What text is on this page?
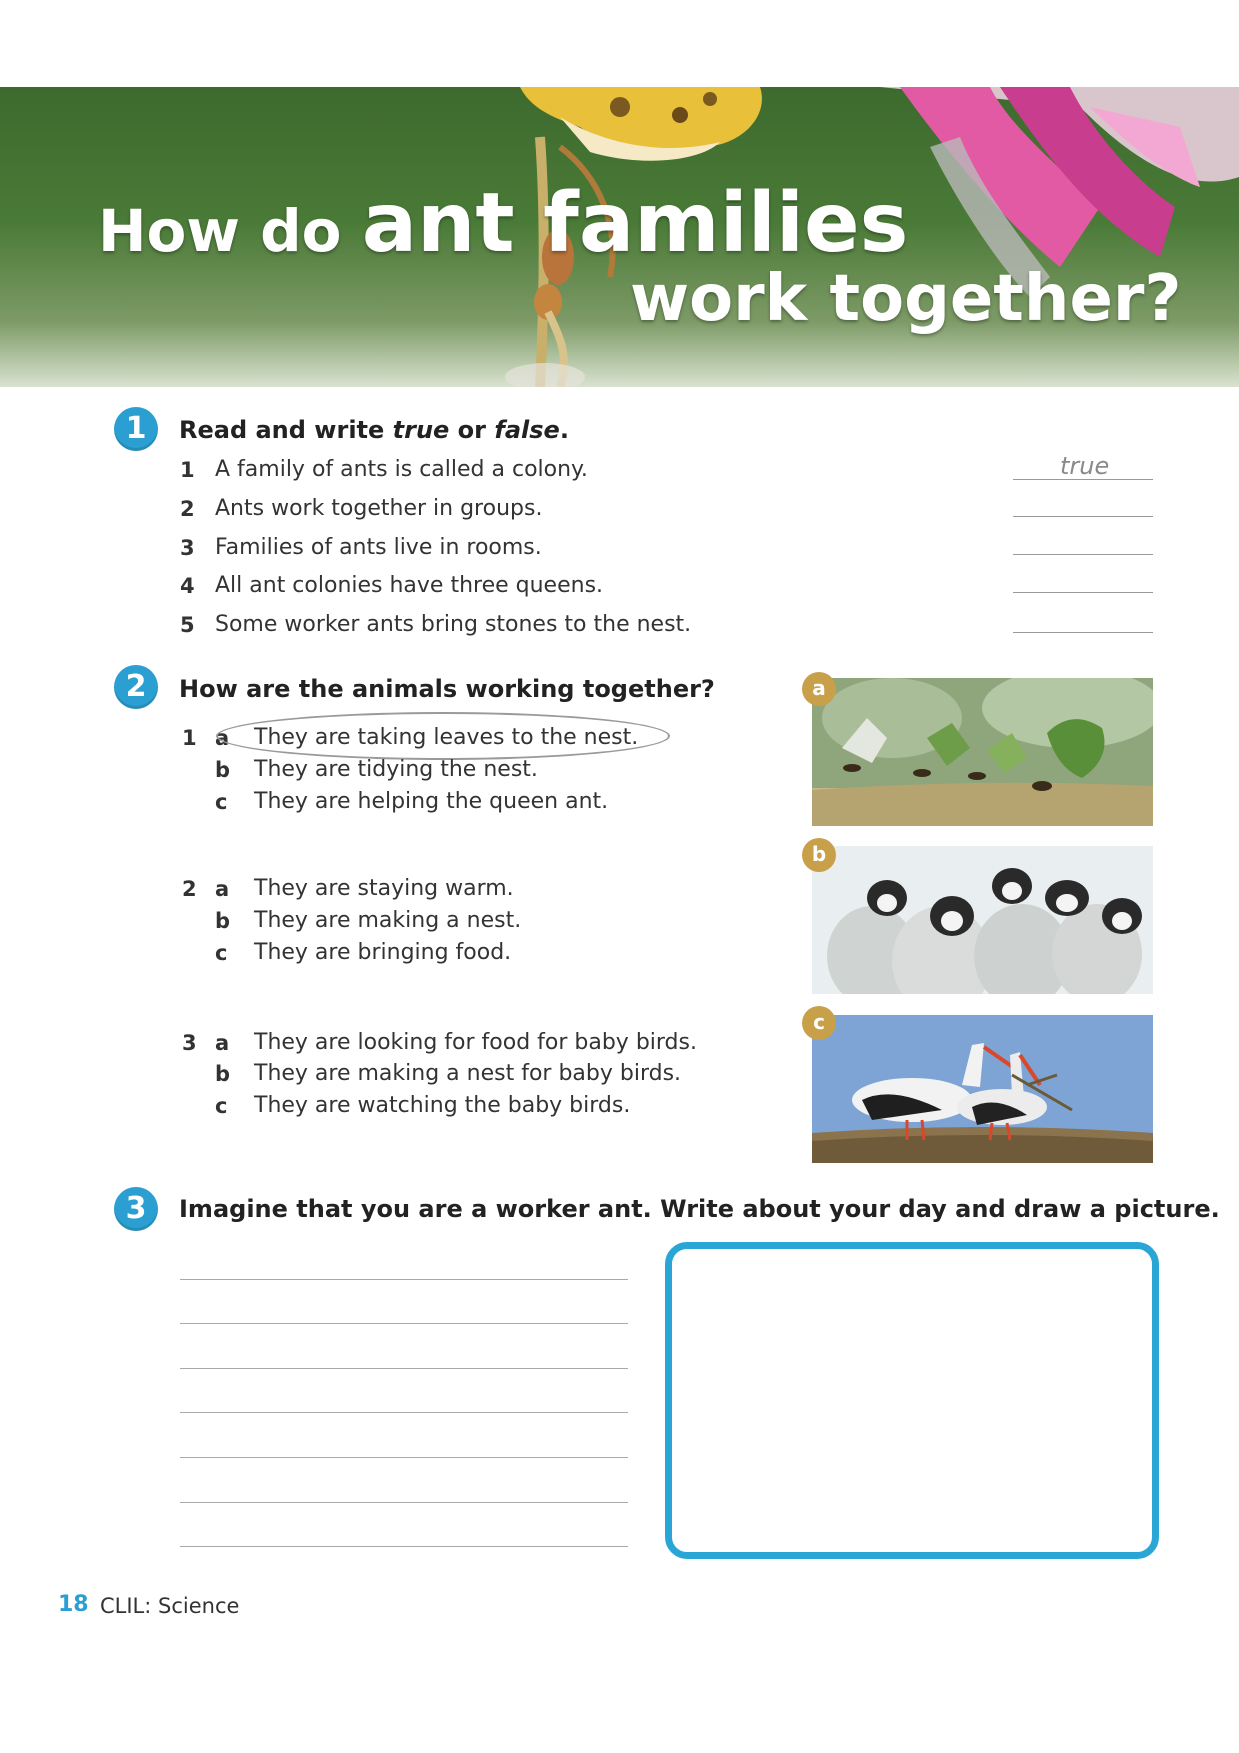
How do ant families
work together?
1	Read and write true or false.
1 A family of ants is called a colony.	true
2 Ants work together in groups.
3 Families of ants live in rooms.
4 All ant colonies have three queens.
5 Some worker ants bring stones to the nest.
2	How are the animals working together?
1 a They are taking leaves to the nest.
b They are tidying the nest.
c They are helping the queen ant.
2 a They are staying warm.
b They are making a nest.
c They are bringing food.
3 a They are looking for food for baby birds.
b They are making a nest for baby birds.
c They are watching the baby birds.
a
b
c
3	Imagine that you are a worker ant. Write about your day and draw a picture.
18 CLIL: Science
